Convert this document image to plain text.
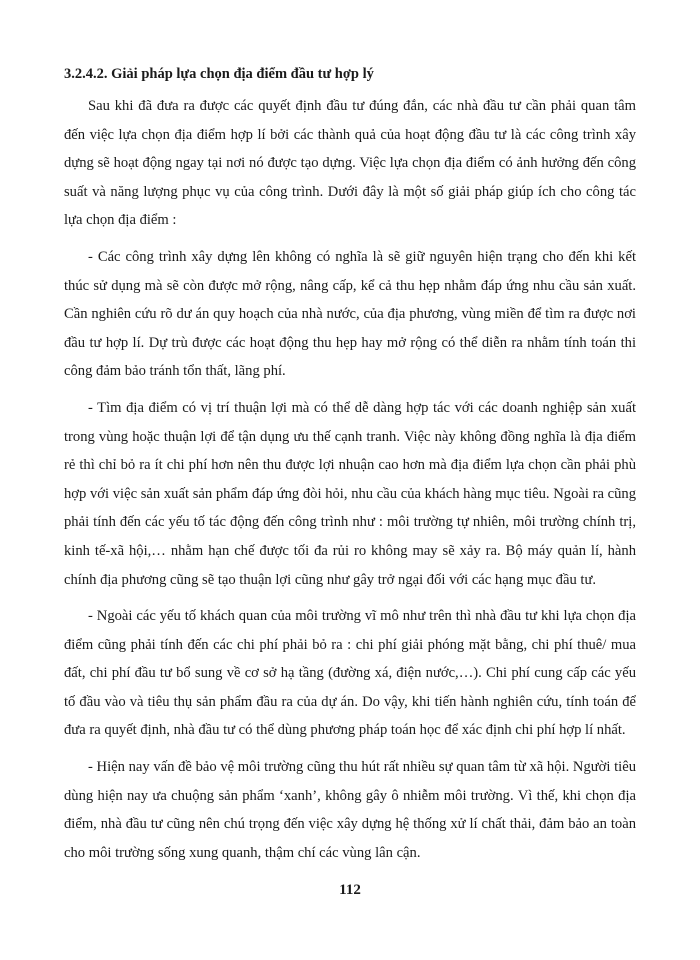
3.2.4.2. Giải pháp lựa chọn địa điểm đầu tư hợp lý

Sau khi đã đưa ra được các quyết định đầu tư đúng đắn, các nhà đầu tư cần phải quan tâm đến việc lựa chọn địa điểm hợp lí bởi các thành quả của hoạt động đầu tư là các công trình xây dựng sẽ hoạt động ngay tại nơi nó được tạo dựng. Việc lựa chọn địa điểm có ảnh hưởng đến công suất và năng lượng phục vụ của công trình. Dưới đây là một số giải pháp giúp ích cho công tác lựa chọn địa điểm :

- Các công trình xây dựng lên không có nghĩa là sẽ giữ nguyên hiện trạng cho đến khi kết thúc sử dụng mà sẽ còn được mở rộng, nâng cấp, kể cả thu hẹp nhằm đáp ứng nhu cầu sản xuất. Cần nghiên cứu rõ dư án quy hoạch của nhà nước, của địa phương, vùng miền để tìm ra được nơi đầu tư hợp lí. Dự trù được các hoạt động thu hẹp hay mở rộng có thể diễn ra nhằm tính toán thi công đảm bảo tránh tổn thất, lãng phí.

- Tìm địa điểm có vị trí thuận lợi mà có thể dễ dàng hợp tác với các doanh nghiệp sản xuất trong vùng hoặc thuận lợi để tận dụng ưu thế cạnh tranh. Việc này không đồng nghĩa là địa điểm rẻ thì chỉ bỏ ra ít chi phí hơn nên thu được lợi nhuận cao hơn mà địa điểm lựa chọn cần phải phù hợp với việc sản xuất sản phẩm đáp ứng đòi hỏi, nhu cầu của khách hàng mục tiêu. Ngoài ra cũng phải tính đến các yếu tố tác động đến công trình như : môi trường tự nhiên, môi trường chính trị, kinh tế-xã hội,… nhằm hạn chế được tối đa rủi ro không may sẽ xảy ra. Bộ máy quản lí, hành chính địa phương cũng sẽ tạo thuận lợi cũng như gây trở ngại đối với các hạng mục đầu tư.

- Ngoài các yếu tố khách quan của môi trường vĩ mô như trên thì nhà đầu tư khi lựa chọn địa điểm cũng phải tính đến các chi phí phải bỏ ra : chi phí giải phóng mặt bằng, chi phí thuê/ mua đất, chi phí đầu tư bổ sung về cơ sở hạ tầng (đường xá, điện nước,…). Chi phí cung cấp các yếu tố đầu vào và tiêu thụ sản phẩm đầu ra của dự án. Do vậy, khi tiến hành nghiên cứu, tính toán để đưa ra quyết định, nhà đầu tư có thể dùng phương pháp toán học để xác định chi phí hợp lí nhất.

- Hiện nay vấn đề bảo vệ môi trường cũng thu hút rất nhiều sự quan tâm từ xã hội. Người tiêu dùng hiện nay ưa chuộng sản phẩm ‘xanh’, không gây ô nhiễm môi trường. Vì thế, khi chọn địa điểm, nhà đầu tư cũng nên chú trọng đến việc xây dựng hệ thống xử lí chất thải, đảm bảo an toàn cho môi trường sống xung quanh, thậm chí các vùng lân cận.

112
